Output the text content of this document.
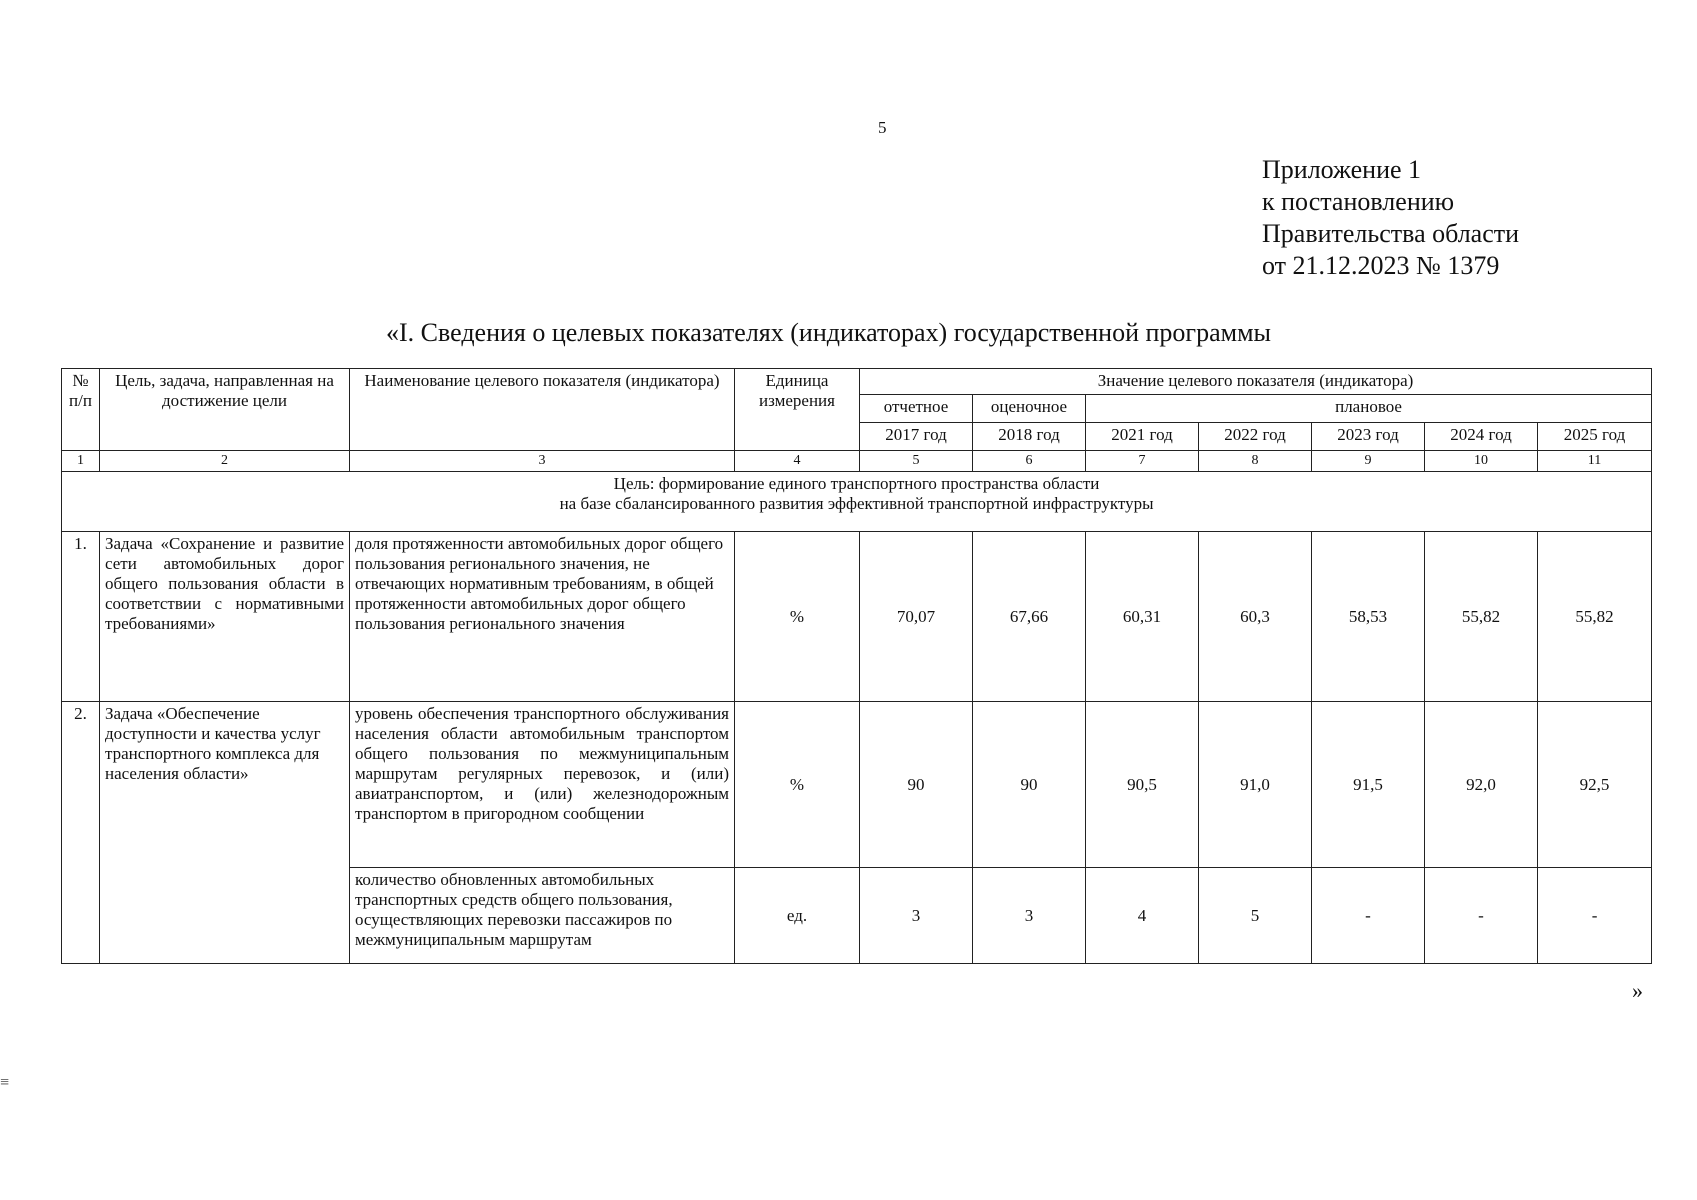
5
Приложение 1
к постановлению
Правительства области
от 21.12.2023 № 1379
«I. Сведения о целевых показателях (индикаторах) государственной программы
№ п/п	Цель, задача, направленная на достижение цели	Наименование целевого показателя (индикатора)	Единица измерения	Значение целевого показателя (индикатора)						
				отчетное	оценочное	плановое				
				2017 год	2018 год	2021 год	2022 год	2023 год	2024 год	2025 год
1	2	3	4	5	6	7	8	9	10	11

Цель: формирование единого транспортного пространства области
на базе сбалансированного развития эффективной транспортной инфраструктуры										

1.	Задача «Сохранение и развитие сети автомобильных дорог общего пользования области в соответствии с нормативными требованиями»	доля протяженности автомобильных дорог общего пользования регионального значения, не отвечающих нормативным требованиям, в общей протяженности автомобильных дорог общего пользования регионального значения	%	70,07	67,66	60,31	60,3	58,53	55,82	55,82
2.	Задача «Обеспечение доступности и качества услуг транспортного комплекса для населения области»	уровень обеспечения транспортного обслуживания населения области автомобильным транспортом общего пользования по межмуниципальным маршрутам регулярных перевозок, и (или) авиатранспортом, и (или) железнодорожным транспортом в пригородном сообщении	%	90	90	90,5	91,0	91,5	92,0	92,5
		количество обновленных автомобильных транспортных средств общего пользования, осуществляющих перевозки пассажиров по межмуниципальным маршрутам	ед.	3	3	4	5	-	-	-
»
≡
